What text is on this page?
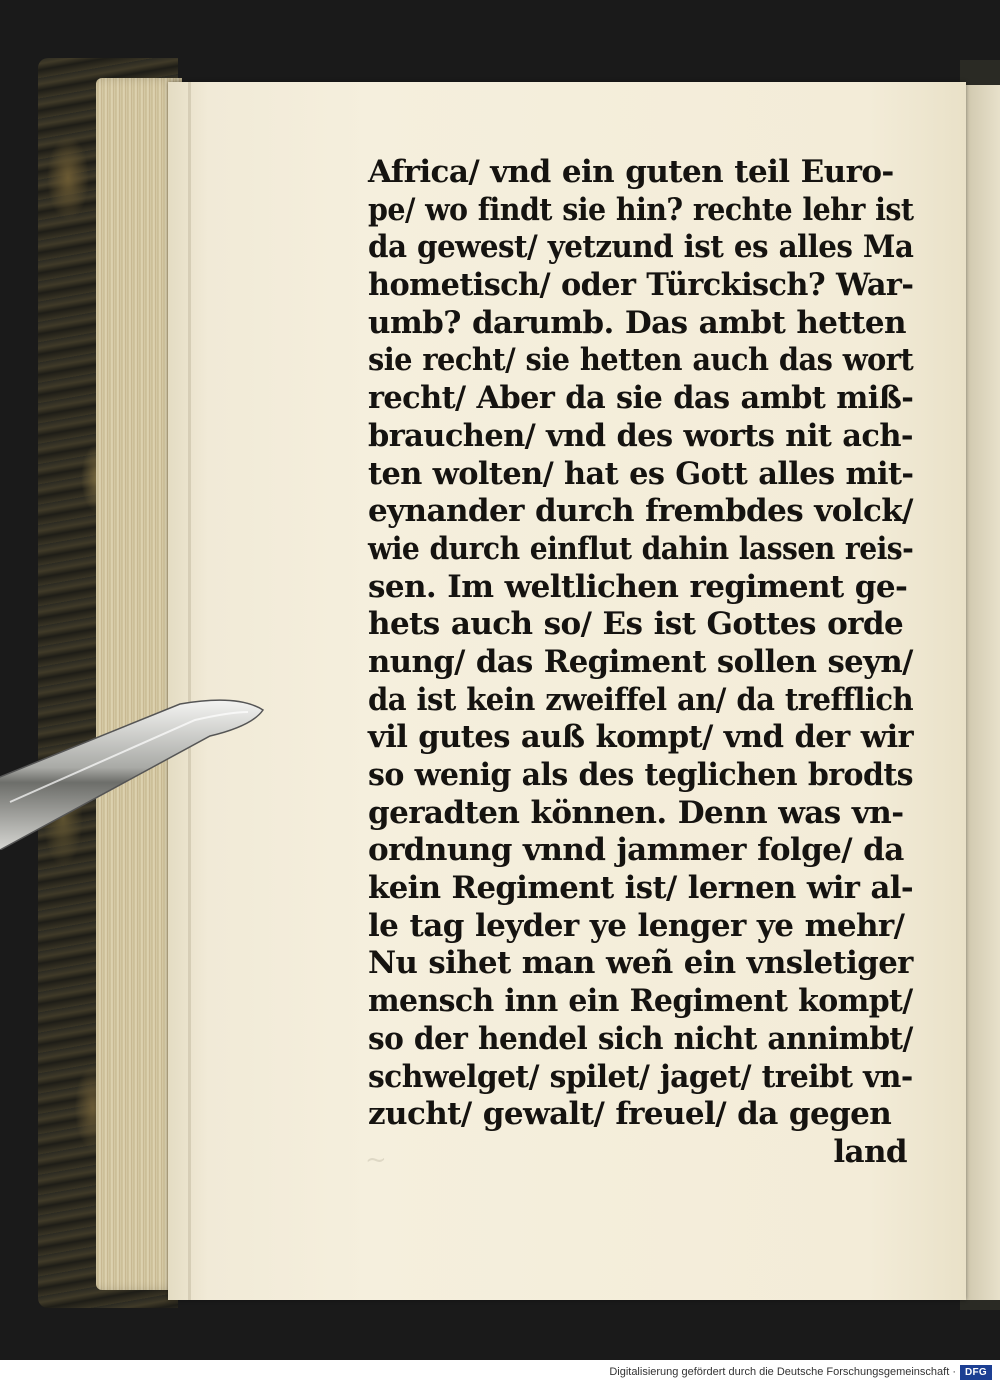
Africa/ vnd ein guten teil Euro-
pe/ wo findt sie hin? rechte lehr ist
da gewest/ yetzund ist es alles Ma
hometisch/ oder Türckisch? War-
umb? darumb. Das ambt hetten
sie recht/ sie hetten auch das wort
recht/ Aber da sie das ambt miß-
brauchen/ vnd des worts nit ach-
ten wolten/ hat es Gott alles mit-
eynander durch frembdes volck/
wie durch einflut dahin lassen reis-
sen. Im weltlichen regiment ge-
hets auch so/ Es ist Gottes orde
nung/ das Regiment sollen seyn/
da ist kein zweiffel an/ da trefflich
vil gutes auß kompt/ vnd der wir
so wenig als des teglichen brodts
geradten können. Denn was vn-
ordnung vnnd jammer folge/ da
kein Regiment ist/ lernen wir al-
le tag leyder ye lenger ye mehr/
Nu sihet man weñ ein vnsletiger
mensch inn ein Regiment kompt/
so der hendel sich nicht annimbt/
schwelget/ spilet/ jaget/ treibt vn-
zucht/ gewalt/ freuel/ da gegen
land
~
Digitalisierung gefördert durch die Deutsche Forschungsgemeinschaft · DFG
